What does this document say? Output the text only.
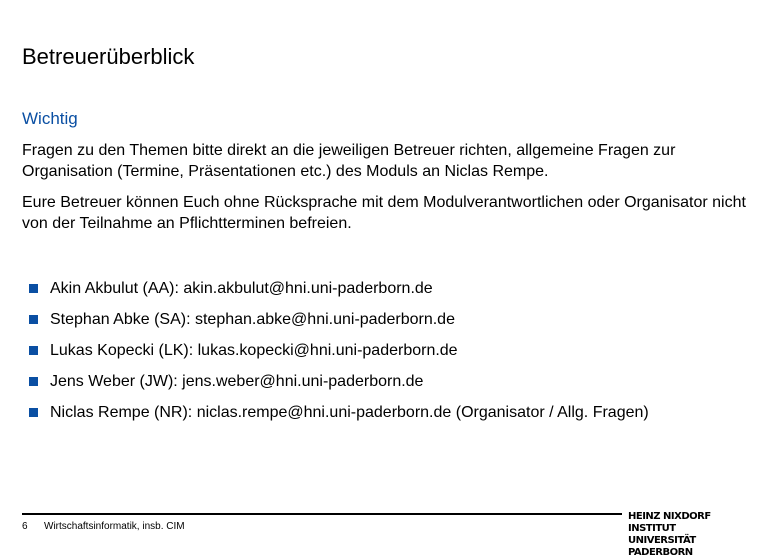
Betreuerüberblick
Wichtig
Fragen zu den Themen bitte direkt an die jeweiligen Betreuer richten, allgemeine Fragen zur Organisation (Termine, Präsentationen etc.) des Moduls an Niclas Rempe.
Eure Betreuer können Euch ohne Rücksprache mit dem Modulverantwortlichen oder Organisator nicht von der Teilnahme an Pflichtterminen befreien.
Akin Akbulut (AA): akin.akbulut@hni.uni-paderborn.de
Stephan Abke (SA): stephan.abke@hni.uni-paderborn.de
Lukas Kopecki (LK): lukas.kopecki@hni.uni-paderborn.de
Jens Weber (JW): jens.weber@hni.uni-paderborn.de
Niclas Rempe (NR): niclas.rempe@hni.uni-paderborn.de (Organisator / Allg. Fragen)
6 Wirtschaftsinformatik, insb. CIM
HEINZ NIXDORF INSTITUT
UNIVERSITÄT PADERBORN
